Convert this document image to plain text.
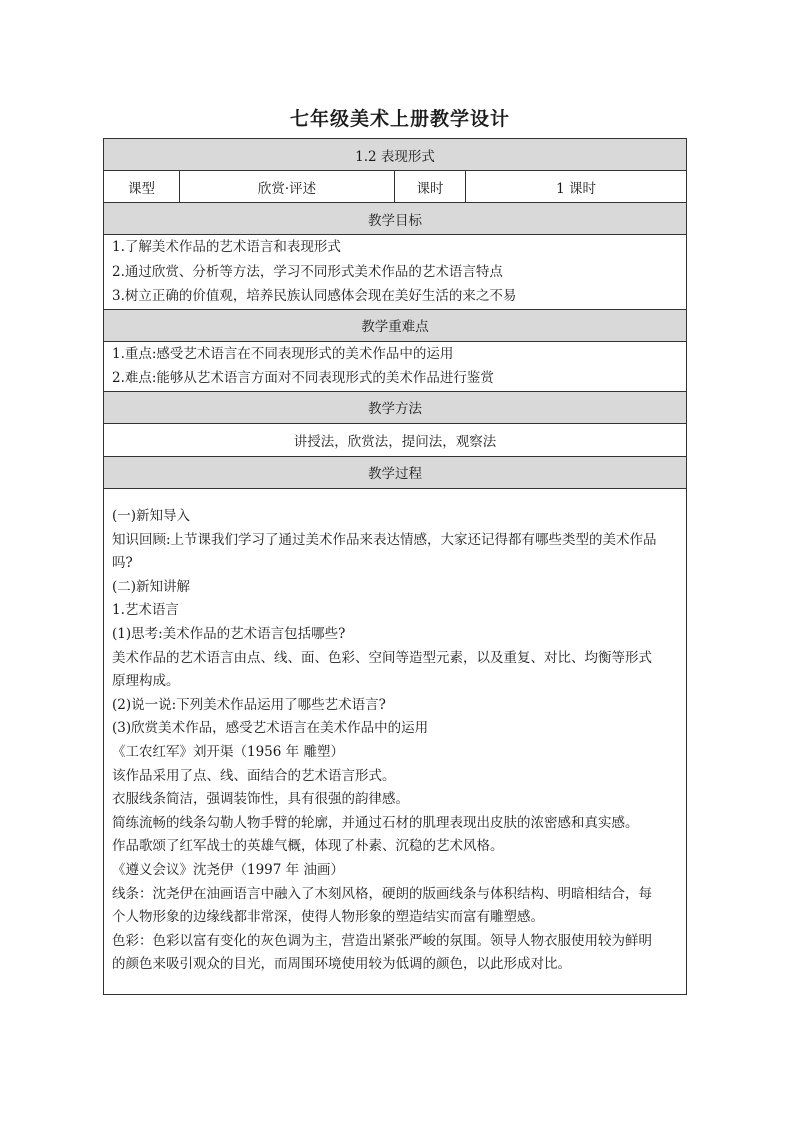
七年级美术上册教学设计
1.2 表现形式
课型	欣赏·评述	课时	1 课时
教学目标

1.了解美术作品的艺术语言和表现形式
2.通过欣赏、分析等方法，学习不同形式美术作品的艺术语言特点
3.树立正确的价值观，培养民族认同感体会现在美好生活的来之不易

教学重难点

1.重点:感受艺术语言在不同表现形式的美术作品中的运用
2.难点:能够从艺术语言方面对不同表现形式的美术作品进行鉴赏

教学方法
讲授法，欣赏法，提问法，观察法
教学过程

(一)新知导入
知识回顾:上节课我们学习了通过美术作品来表达情感，大家还记得都有哪些类型的美术作品
吗?
(二)新知讲解
1.艺术语言
(1)思考:美术作品的艺术语言包括哪些?
美术作品的艺术语言由点、线、面、色彩、空间等造型元素，以及重复、对比、均衡等形式
原理构成。
(2)说一说:下列美术作品运用了哪些艺术语言?
(3)欣赏美术作品，感受艺术语言在美术作品中的运用
《工农红军》刘开渠（1956 年 雕塑）
该作品采用了点、线、面结合的艺术语言形式。
衣服线条简洁，强调装饰性，具有很强的韵律感。
简练流畅的线条勾勒人物手臂的轮廓，并通过石材的肌理表现出皮肤的浓密感和真实感。
作品歌颂了红军战士的英雄气概，体现了朴素、沉稳的艺术风格。
《遵义会议》沈尧伊（1997 年 油画）
线条：沈尧伊在油画语言中融入了木刻风格，硬朗的版画线条与体积结构、明暗相结合，每
个人物形象的边缘线都非常深，使得人物形象的塑造结实而富有雕塑感。
色彩：色彩以富有变化的灰色调为主，营造出紧张严峻的氛围。领导人物衣服使用较为鲜明
的颜色来吸引观众的目光，而周围环境使用较为低调的颜色，以此形成对比。
